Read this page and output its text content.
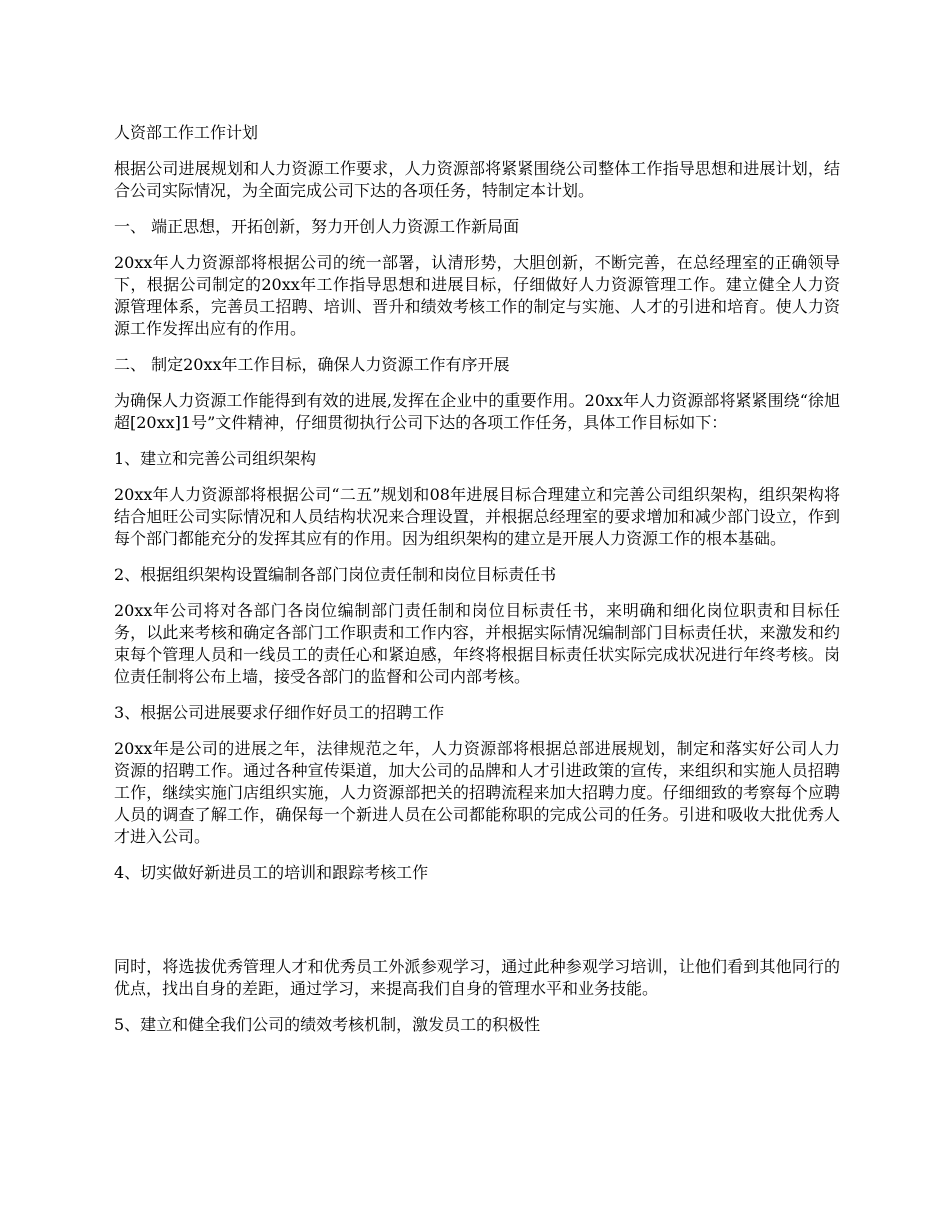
人资部工作工作计划

根据公司进展规划和人力资源工作要求，人力资源部将紧紧围绕公司整体工作指导思想和进展计划，结合公司实际情况，为全面完成公司下达的各项任务，特制定本计划。

一、 端正思想，开拓创新，努力开创人力资源工作新局面

20xx年人力资源部将根据公司的统一部署，认清形势，大胆创新，不断完善，在总经理室的正确领导下，根据公司制定的20xx年工作指导思想和进展目标，仔细做好人力资源管理工作。建立健全人力资源管理体系，完善员工招聘、培训、晋升和绩效考核工作的制定与实施、人才的引进和培育。使人力资源工作发挥出应有的作用。

二、 制定20xx年工作目标，确保人力资源工作有序开展

为确保人力资源工作能得到有效的进展,发挥在企业中的重要作用。20xx年人力资源部将紧紧围绕“徐旭超[20xx]1号”文件精神，仔细贯彻执行公司下达的各项工作任务，具体工作目标如下：

1、建立和完善公司组织架构

20xx年人力资源部将根据公司“二五”规划和08年进展目标合理建立和完善公司组织架构，组织架构将结合旭旺公司实际情况和人员结构状况来合理设置，并根据总经理室的要求增加和减少部门设立，作到每个部门都能充分的发挥其应有的作用。因为组织架构的建立是开展人力资源工作的根本基础。

2、根据组织架构设置编制各部门岗位责任制和岗位目标责任书

20xx年公司将对各部门各岗位编制部门责任制和岗位目标责任书，来明确和细化岗位职责和目标任务，以此来考核和确定各部门工作职责和工作内容，并根据实际情况编制部门目标责任状，来激发和约束每个管理人员和一线员工的责任心和紧迫感，年终将根据目标责任状实际完成状况进行年终考核。岗位责任制将公布上墙，接受各部门的监督和公司内部考核。

3、根据公司进展要求仔细作好员工的招聘工作

20xx年是公司的进展之年，法律规范之年，人力资源部将根据总部进展规划，制定和落实好公司人力资源的招聘工作。通过各种宣传渠道，加大公司的品牌和人才引进政策的宣传，来组织和实施人员招聘工作，继续实施门店组织实施，人力资源部把关的招聘流程来加大招聘力度。仔细细致的考察每个应聘人员的调查了解工作，确保每一个新进人员在公司都能称职的完成公司的任务。引进和吸收大批优秀人才进入公司。

4、切实做好新进员工的培训和跟踪考核工作

同时，将选拔优秀管理人才和优秀员工外派参观学习，通过此种参观学习培训，让他们看到其他同行的优点，找出自身的差距，通过学习，来提高我们自身的管理水平和业务技能。

5、建立和健全我们公司的绩效考核机制，激发员工的积极性
